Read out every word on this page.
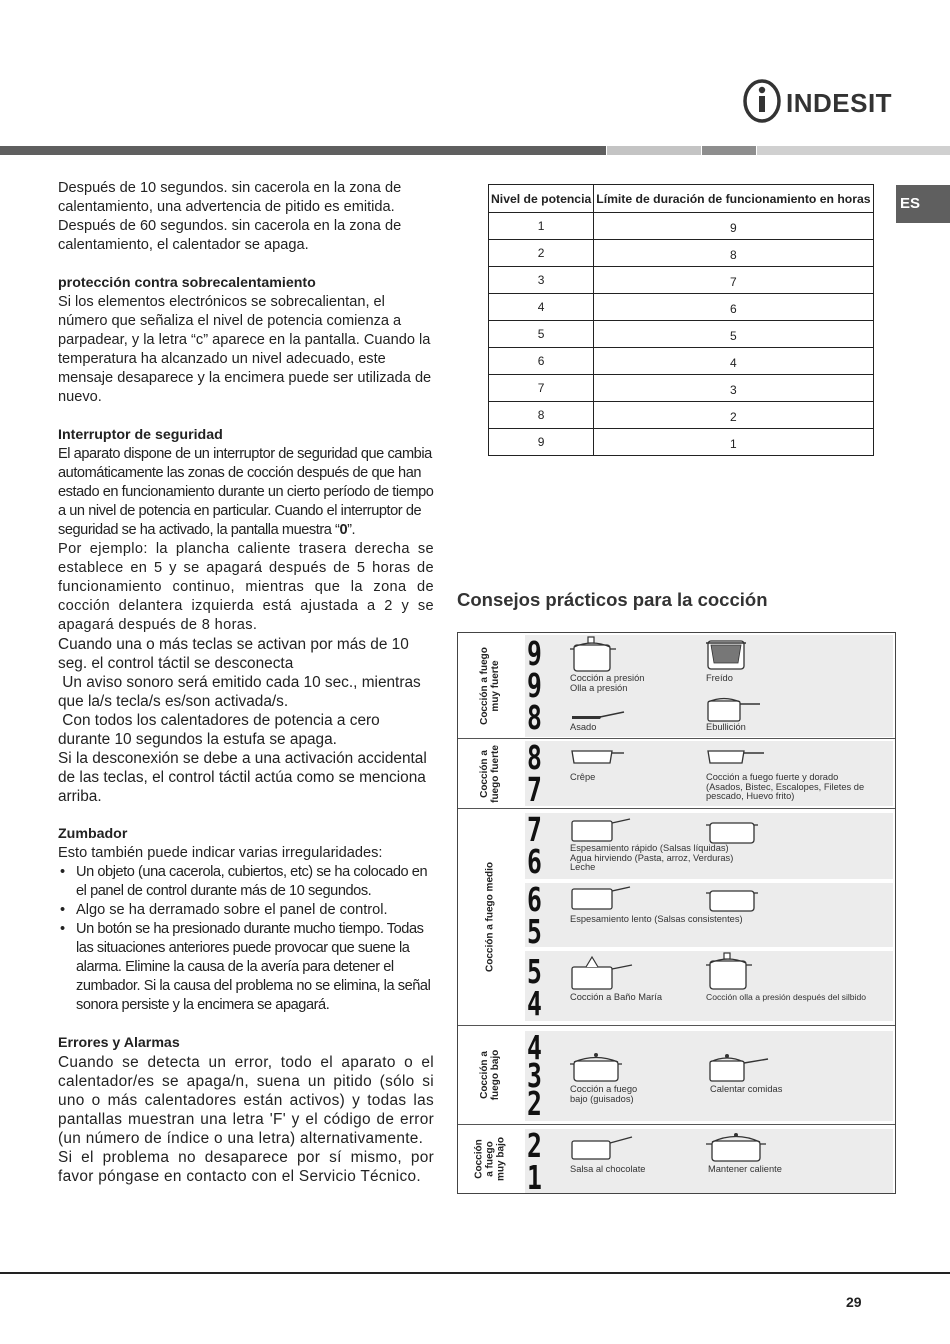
INDESIT
ES

Después de 10 segundos. sin cacerola en la zona de calentamiento, una advertencia de pitido es emitida. Después de 60 segundos. sin cacerola en la zona de calentamiento, el calentador se apaga.

protección contra sobrecalentamiento

Si los elementos electrónicos se sobrecalientan, el número que señaliza el nivel de potencia comienza a parpadear, y la letra “c” aparece en la pantalla. Cuando la temperatura ha alcanzado un nivel adecuado, este mensaje desaparece y la encimera puede ser utilizada de nuevo.

Interruptor de seguridad

El aparato dispone de un interruptor de seguridad que cambia automáticamente las zonas de cocción después de que han estado en funcionamiento durante un cierto período de tiempo a un nivel de potencia en particular. Cuando el interruptor de seguridad se ha activado, la pantalla muestra “0”.

Por ejemplo: la plancha caliente trasera derecha se establece en 5 y se apagará después de 5 horas de funcionamiento continuo, mientras que la zona de cocción delantera izquierda está ajustada a 2 y se apagará después de 8 horas.

Cuando una o más teclas se activan por más de 10 seg. el control táctil se desconecta

Un aviso sonoro será emitido cada 10 sec., mientras que la/s tecla/s es/son activada/s.

Con todos los calentadores de potencia a cero durante 10 segundos la estufa se apaga.

Si la desconexión se debe a una activación accidental de las teclas, el control táctil actúa como se menciona arriba.

Zumbador

Esto también puede indicar varias irregularidades:

• Un objeto (una cacerola, cubiertos, etc) se ha colocado en el panel de control durante más de 10 segundos.
• Algo se ha derramado sobre el panel de control.
• Un botón se ha presionado durante mucho tiempo. Todas las situaciones anteriores puede provocar que suene la alarma. Elimine la causa de la avería para detener el zumbador. Si la causa del problema no se elimina, la señal sonora persiste y la encimera se apagará.
Errores y Alarmas

Cuando se detecta un error, todo el aparato o el calentador/es se apaga/n, suena un pitido (sólo si uno o más calentadores están activos) y todas las pantallas muestran una letra 'F' y el código de error (un número de índice o una letra) alternativamente.

Si el problema no desaparece por sí mismo, por favor póngase en contacto con el Servicio Técnico.

Nivel de potencia	Límite de duración de funcionamiento en horas
1	9
2	8
3	7
4	6
5	5
6	4
7	3
8	2
9	1
Consejos prácticos para la cocción
Cocción a fuego
muy fuerte
Cocción a
fuego fuerte
Cocción a fuego medio
Cocción a
fuego bajo
Cocción
a fuego
muy bajo
9
9
8
8
7
7
6
6
5
5
4
4
3
2
2
1
Cocción a presión
Olla a presión
Freído
Asado	Ebullición
Crêpe	Cocción a fuego fuerte y dorado
(Asados, Bistec, Escalopes, Filetes de
pescado, Huevo frito)
Espesamiento rápido (Salsas líquidas)
Agua hirviendo (Pasta, arroz, Verduras)
Leche
Espesamiento lento (Salsas consistentes)
Cocción a Baño María	Cocción olla a presión después del silbido
Cocción a fuego
bajo (guisados)
Calentar comidas
Salsa al chocolate	Mantener caliente
29
